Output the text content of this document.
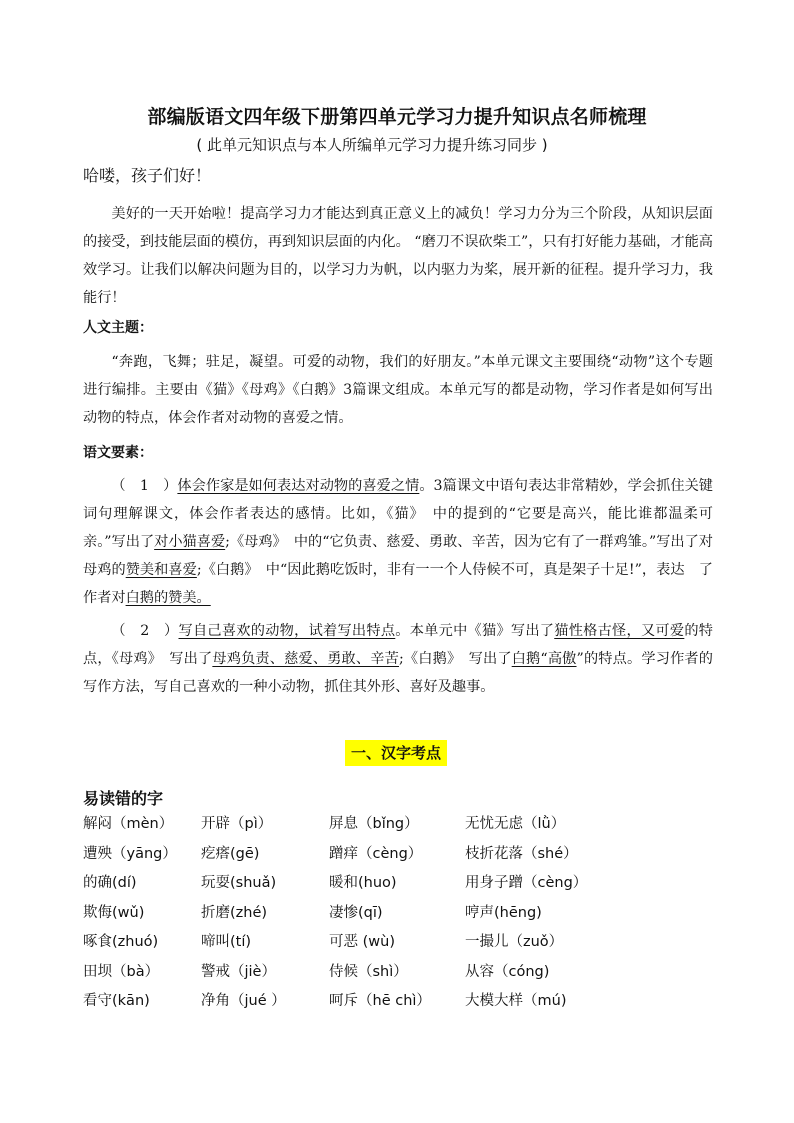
部编版语文四年级下册第四单元学习力提升知识点名师梳理
( 此单元知识点与本人所编单元学习力提升练习同步 )
哈喽，孩子们好！
美好的一天开始啦！提高学习力才能达到真正意义上的减负！学习力分为三个阶段，从知识层面的接受，到技能层面的模仿，再到知识层面的内化。 “磨刀不误砍柴工”，只有打好能力基础，才能高效学习。让我们以解决问题为目的，以学习力为帆，以内驱力为桨，展开新的征程。提升学习力，我能行！
人文主题：
“奔跑，飞舞；驻足，凝望。可爱的动物，我们的好朋友。”本单元课文主要围绕“动物”这个专题进行编排。主要由《猫》《母鸡》《白鹅》3篇课文组成。本单元写的都是动物，学习作者是如何写出动物的特点，体会作者对动物的喜爱之情。
语文要素：
（　1　）体会作家是如何表达对动物的喜爱之情。3篇课文中语句表达非常精妙，学会抓住关键词句理解课文，体会作者表达的感情。比如，《猫》　中的提到的“它要是高兴，能比谁都温柔可亲。”写出了对小猫喜爱;《母鸡》　中的“它负责、慈爱、勇敢、辛苦，因为它有了一群鸡雏。”写出了对母鸡的赞美和喜爱;《白鹅》　中“因此鹅吃饭时，非有一一个人侍候不可，真是架子十足!”，表达　了作者对白鹅的赞美。
（　2　）写自己喜欢的动物，试着写出特点。本单元中《猫》写出了猫性格古怪，又可爱的特点，《母鸡》　写出了母鸡负责、慈爱、勇敢、辛苦;《白鹅》　写出了白鹅“高傲”的特点。学习作者的写作方法，写自己喜欢的一种小动物，抓住其外形、喜好及趣事。
一、汉字考点
易读错的字
解闷（mèn） 开辟（pì）	屏息（bǐng）	无忧无虑（lǜ）
遭殃（yāng） 疙瘩(gē)	蹭痒（cèng）	枝折花落（shé）
的确(dí)	玩耍(shuǎ)	暖和(huo)	用身子蹭（cèng）
欺侮(wǔ)	折磨(zhé)	凄惨(qī)	哼声(hēng)
啄食(zhuó)	啼叫(tí)	可恶 (wù)	一撮儿（zuǒ）
田坝（bà）	警戒（jiè）	侍候（shì）	从容（cóng)
看守(kān)	净角（jué ）	呵斥（hē chì） 大模大样（mú)
